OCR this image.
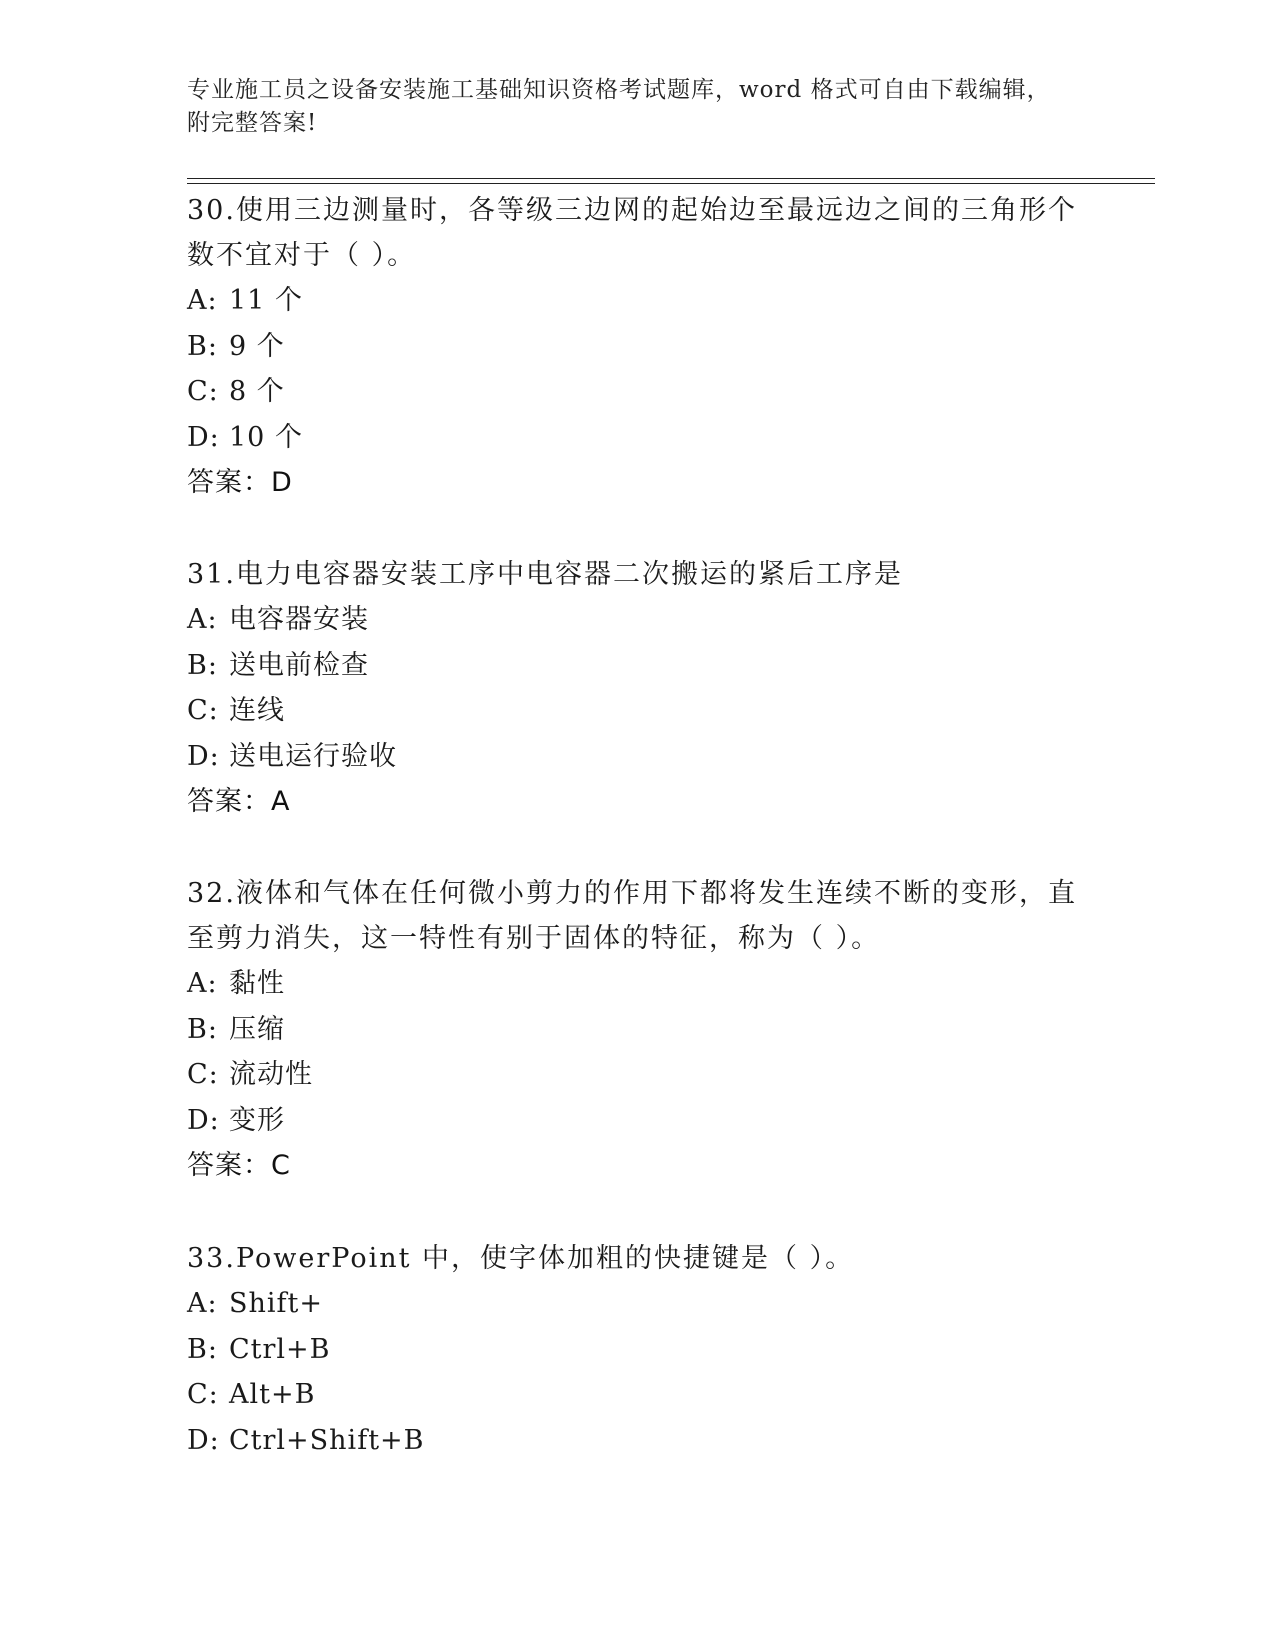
专业施工员之设备安装施工基础知识资格考试题库，word 格式可自由下载编辑，
附完整答案!
30.使用三边测量时，各等级三边网的起始边至最远边之间的三角形个数不宜对于（ ）。
A: 11 个
B: 9 个
C: 8 个
D: 10 个
答案：D
31.电力电容器安装工序中电容器二次搬运的紧后工序是
A: 电容器安装
B: 送电前检查
C: 连线
D: 送电运行验收
答案：A
32.液体和气体在任何微小剪力的作用下都将发生连续不断的变形，直至剪力消失，这一特性有别于固体的特征，称为（ ）。
A: 黏性
B: 压缩
C: 流动性
D: 变形
答案：C
33.PowerPoint 中，使字体加粗的快捷键是（ ）。
A: Shift+
B: Ctrl+B
C: Alt+B
D: Ctrl+Shift+B
